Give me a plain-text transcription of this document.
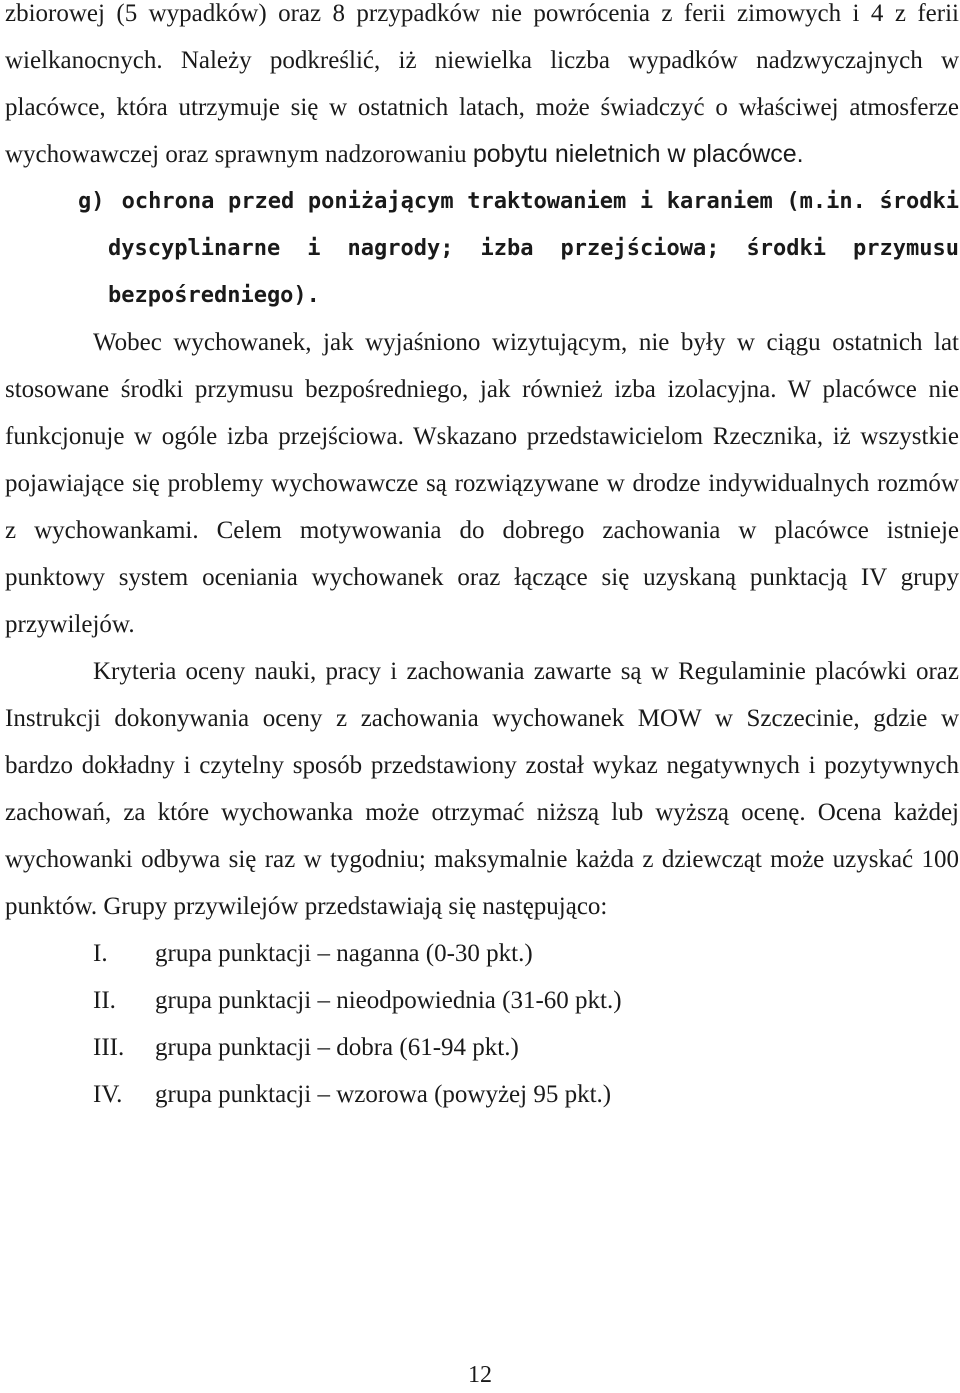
zbiorowej (5 wypadków) oraz 8 przypadków nie powrócenia z ferii zimowych i 4 z ferii wielkanocnych. Należy podkreślić, iż niewielka liczba wypadków nadzwyczajnych w placówce, która utrzymuje się w ostatnich latach, może świadczyć o właściwej atmosferze wychowawczej oraz sprawnym nadzorowaniu pobytu nieletnich w placówce.

g) ochrona przed poniżającym traktowaniem i karaniem (m.in. środki dyscyplinarne i nagrody; izba przejściowa; środki przymusu bezpośredniego).

Wobec wychowanek, jak wyjaśniono wizytującym, nie były w ciągu ostatnich lat stosowane środki przymusu bezpośredniego, jak również izba izolacyjna. W placówce nie funkcjonuje w ogóle izba przejściowa. Wskazano przedstawicielom Rzecznika, iż wszystkie pojawiające się problemy wychowawcze są rozwiązywane w drodze indywidualnych rozmów z wychowankami. Celem motywowania do dobrego zachowania w placówce istnieje punktowy system oceniania wychowanek oraz łączące się uzyskaną punktacją IV grupy przywilejów.

Kryteria oceny nauki, pracy i zachowania zawarte są w Regulaminie placówki oraz Instrukcji dokonywania oceny z zachowania wychowanek MOW w Szczecinie, gdzie w bardzo dokładny i czytelny sposób przedstawiony został wykaz negatywnych i pozytywnych zachowań, za które wychowanka może otrzymać niższą lub wyższą ocenę. Ocena każdej wychowanki odbywa się raz w tygodniu; maksymalnie każda z dziewcząt może uzyskać 100 punktów. Grupy przywilejów przedstawiają się następująco:

I.	grupa punktacji – naganna (0-30 pkt.)
II.	grupa punktacji – nieodpowiednia (31-60 pkt.)
III.	grupa punktacji – dobra (61-94 pkt.)
IV.	grupa punktacji – wzorowa (powyżej 95 pkt.)
12
